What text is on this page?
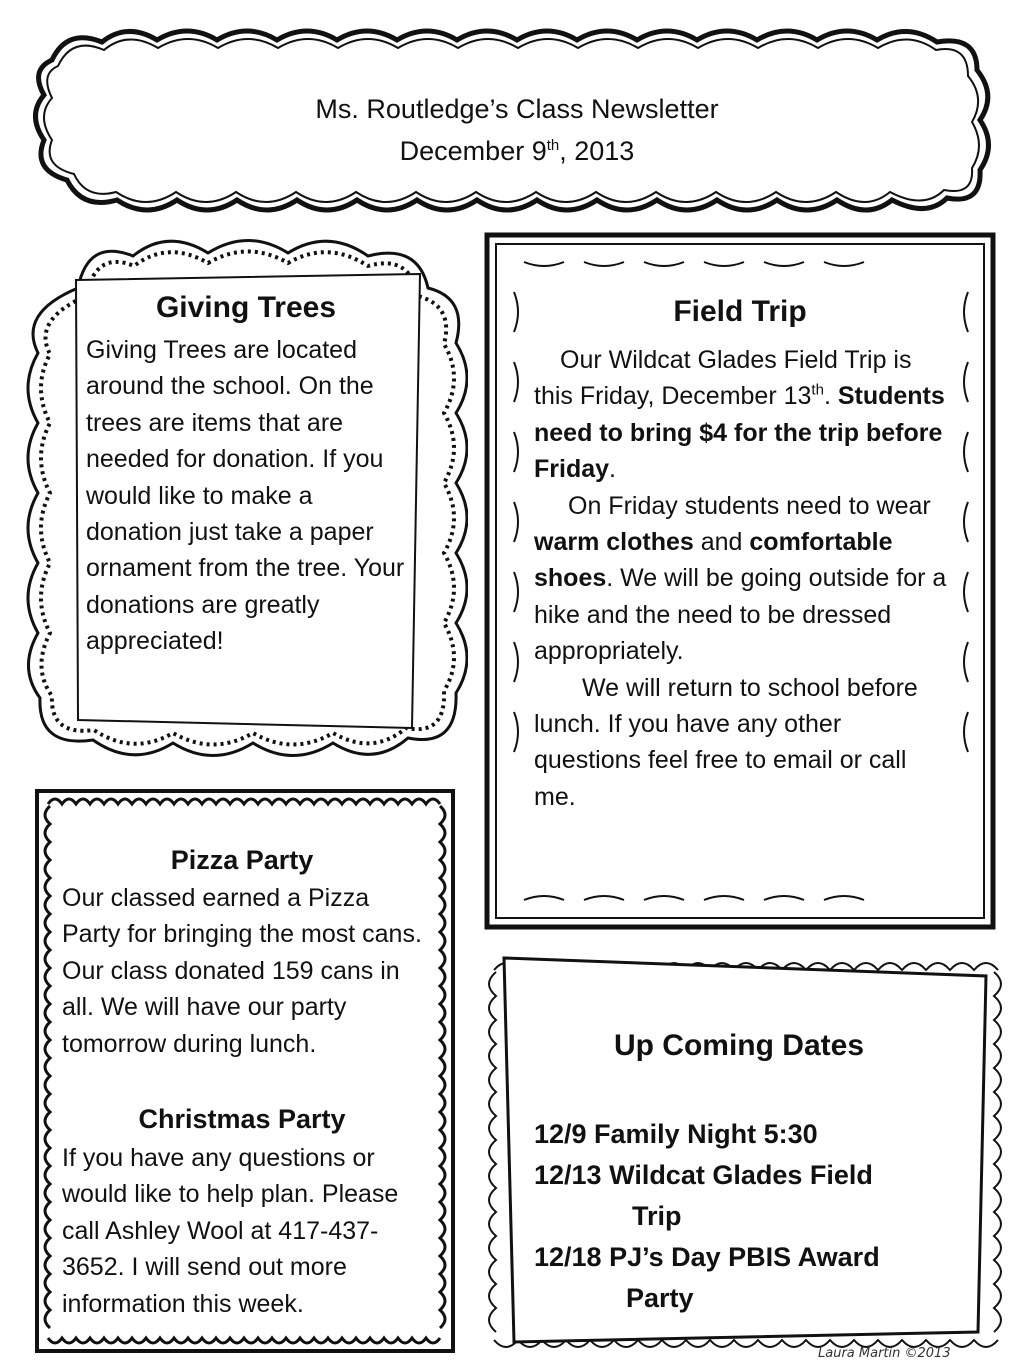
Ms. Routledge’s Class Newsletter
December 9th, 2013
Giving Trees
Giving Trees are located around the school. On the trees are items that are needed for donation. If you would like to make a donation just take a paper ornament from the tree. Your donations are greatly appreciated!
Field Trip
Our Wildcat Glades Field Trip is this Friday, December 13th. Students need to bring $4 for the trip before Friday.
On Friday students need to wear warm clothes and comfortable shoes. We will be going outside for a hike and the need to be dressed appropriately.
We will return to school before lunch. If you have any other questions feel free to email or call me.
Pizza Party
Our classed earned a Pizza Party for bringing the most cans. Our class donated 159 cans in all. We will have our party tomorrow during lunch.
Christmas Party
If you have any questions or would like to help plan. Please call Ashley Wool at 417-437-3652. I will send out more information this week.
Up Coming Dates
12/9 Family Night 5:30
12/13 Wildcat Glades Field
Trip
12/18 PJ’s Day PBIS Award
Party
Laura Martin ©2013
